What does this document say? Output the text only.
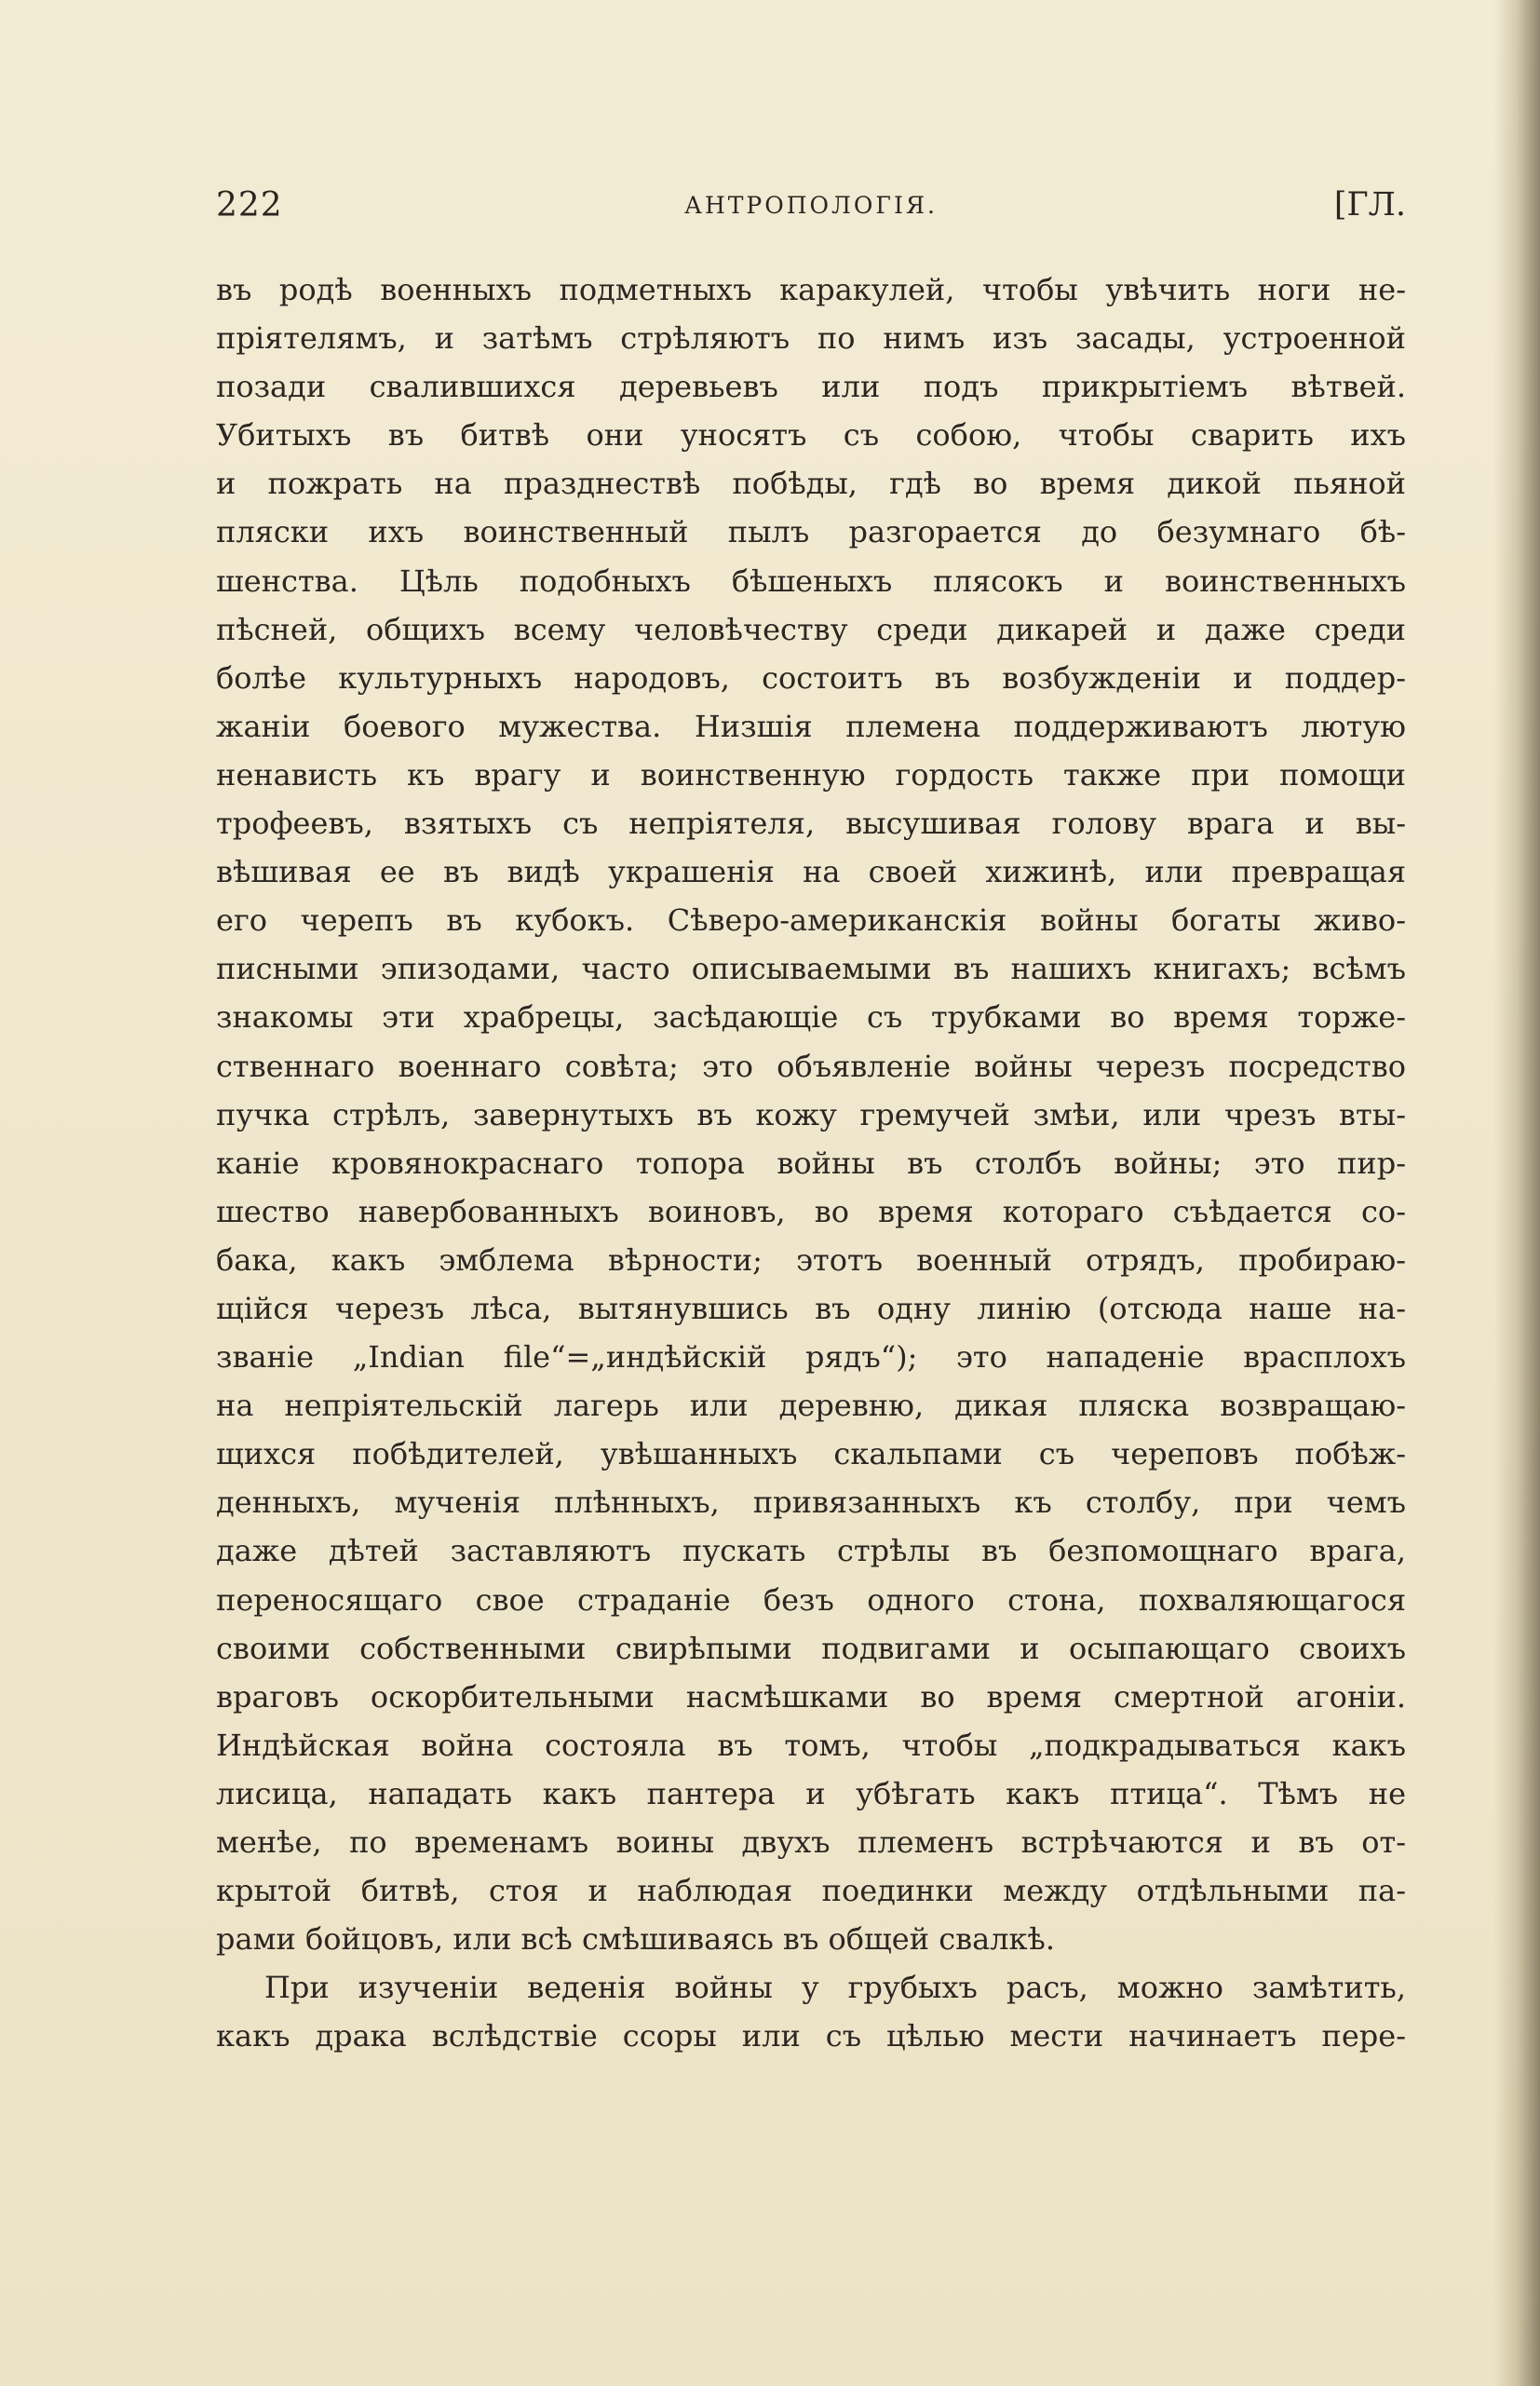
222	АНТРОПОЛОГІЯ.	[ГЛ.
въ родѣ военныхъ подметныхъ каракулей, чтобы увѣчить ноги не-
пріятелямъ, и затѣмъ стрѣляютъ по нимъ изъ засады, устроенной
позади свалившихся деревьевъ или подъ прикрытіемъ вѣтвей.
Убитыхъ въ битвѣ они уносятъ съ собою, чтобы сварить ихъ
и пожрать на празднествѣ побѣды, гдѣ во время дикой пьяной
пляски ихъ воинственный пылъ разгорается до безумнаго бѣ-
шенства. Цѣль подобныхъ бѣшеныхъ плясокъ и воинственныхъ
пѣсней, общихъ всему человѣчеству среди дикарей и даже среди
болѣе культурныхъ народовъ, состоитъ въ возбужденіи и поддер-
жаніи боевого мужества. Низшія племена поддерживаютъ лютую
ненависть къ врагу и воинственную гордость также при помощи
трофеевъ, взятыхъ съ непріятеля, высушивая голову врага и вы-
вѣшивая ее въ видѣ украшенія на своей хижинѣ, или превращая
его черепъ въ кубокъ. Сѣверо-американскія войны богаты живо-
писными эпизодами, часто описываемыми въ нашихъ книгахъ; всѣмъ
знакомы эти храбрецы, засѣдающіе съ трубками во время торже-
ственнаго военнаго совѣта; это объявленіе войны черезъ посредство
пучка стрѣлъ, завернутыхъ въ кожу гремучей змѣи, или чрезъ вты-
каніе кровянокраснаго топора войны въ столбъ войны; это пир-
шество навербованныхъ воиновъ, во время котораго съѣдается со-
бака, какъ эмблема вѣрности; этотъ военный отрядъ, пробираю-
щійся черезъ лѣса, вытянувшись въ одну линію (отсюда наше на-
званіе „Indian file“=„индѣйскій рядъ“); это нападеніе врасплохъ
на непріятельскій лагерь или деревню, дикая пляска возвращаю-
щихся побѣдителей, увѣшанныхъ скальпами съ череповъ побѣж-
денныхъ, мученія плѣнныхъ, привязанныхъ къ столбу, при чемъ
даже дѣтей заставляютъ пускать стрѣлы въ безпомощнаго врага,
переносящаго свое страданіе безъ одного стона, похваляющагося
своими собственными свирѣпыми подвигами и осыпающаго своихъ
враговъ оскорбительными насмѣшками во время смертной агоніи.
Индѣйская война состояла въ томъ, чтобы „подкрадываться какъ
лисица, нападать какъ пантера и убѣгать какъ птица“. Тѣмъ не
менѣе, по временамъ воины двухъ племенъ встрѣчаются и въ от-
крытой битвѣ, стоя и наблюдая поединки между отдѣльными па-
рами бойцовъ, или всѣ смѣшиваясь въ общей свалкѣ.
При изученіи веденія войны у грубыхъ расъ, можно замѣтить,
какъ драка вслѣдствіе ссоры или съ цѣлью мести начинаетъ пере-
